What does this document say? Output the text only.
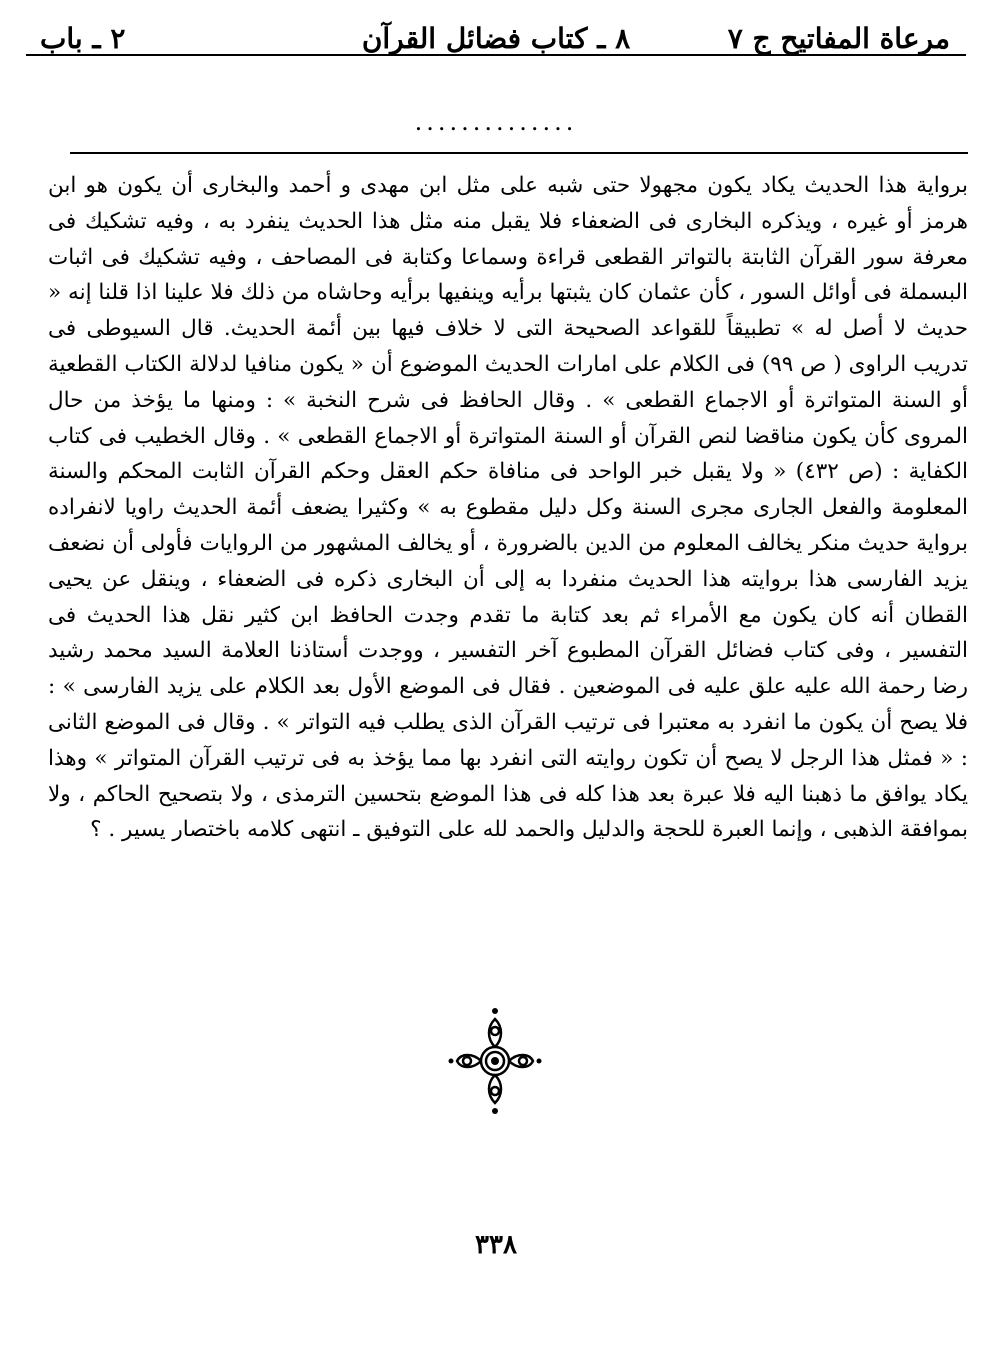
مرعاة المفاتيح ج ٧
٨ ـ كتاب فضائل القرآن
٢ ـ باب
..............
برواية هذا الحديث يكاد يكون مجهولا حتى شبه على مثل ابن مهدى و أحمد والبخارى أن يكون هو ابن هرمز أو غيره ، ويذكره البخارى فى الضعفاء فلا يقبل منه مثل هذا الحديث ينفرد به ، وفيه تشكيك فى معرفة سور القرآن الثابتة بالتواتر القطعى قراءة وسماعا وكتابة فى المصاحف ، وفيه تشكيك فى اثبات البسملة فى أوائل السور ، كأن عثمان كان يثبتها برأيه وينفيها برأيه وحاشاه من ذلك فلا علينا اذا قلنا إنه « حديث لا أصل له » تطبيقاً للقواعد الصحيحة التى لا خلاف فيها بين أئمة الحديث. قال السيوطى فى تدريب الراوى ( ص ٩٩) فى الكلام على امارات الحديث الموضوع أن « يكون منافيا لدلالة الكتاب القطعية أو السنة المتواترة أو الاجماع القطعى » . وقال الحافظ فى شرح النخبة » : ومنها ما يؤخذ من حال المروى كأن يكون مناقضا لنص القرآن أو السنة المتواترة أو الاجماع القطعى » . وقال الخطيب فى كتاب الكفاية : (ص ٤٣٢) « ولا يقبل خبر الواحد فى منافاة حكم العقل وحكم القرآن الثابت المحكم والسنة المعلومة والفعل الجارى مجرى السنة وكل دليل مقطوع به » وكثيرا يضعف أئمة الحديث راويا لانفراده برواية حديث منكر يخالف المعلوم من الدين بالضرورة ، أو يخالف المشهور من الروايات فأولى أن نضعف يزيد الفارسى هذا بروايته هذا الحديث منفردا به إلى أن البخارى ذكره فى الضعفاء ، وينقل عن يحيى القطان أنه كان يكون مع الأمراء ثم بعد كتابة ما تقدم وجدت الحافظ ابن كثير نقل هذا الحديث فى التفسير ، وفى كتاب فضائل القرآن المطبوع آخر التفسير ، ووجدت أستاذنا العلامة السيد محمد رشيد رضا رحمة الله عليه علق عليه فى الموضعين . فقال فى الموضع الأول بعد الكلام على يزيد الفارسى » : فلا يصح أن يكون ما انفرد به معتبرا فى ترتيب القرآن الذى يطلب فيه التواتر » . وقال فى الموضع الثانى : « فمثل هذا الرجل لا يصح أن تكون روايته التى انفرد بها مما يؤخذ به فى ترتيب القرآن المتواتر » وهذا يكاد يوافق ما ذهبنا اليه فلا عبرة بعد هذا كله فى هذا الموضع بتحسين الترمذى ، ولا بتصحيح الحاكم ، ولا بموافقة الذهبى ، وإنما العبرة للحجة والدليل والحمد لله على التوفيق ـ انتهى كلامه باختصار يسير . ؟
٣٣٨
